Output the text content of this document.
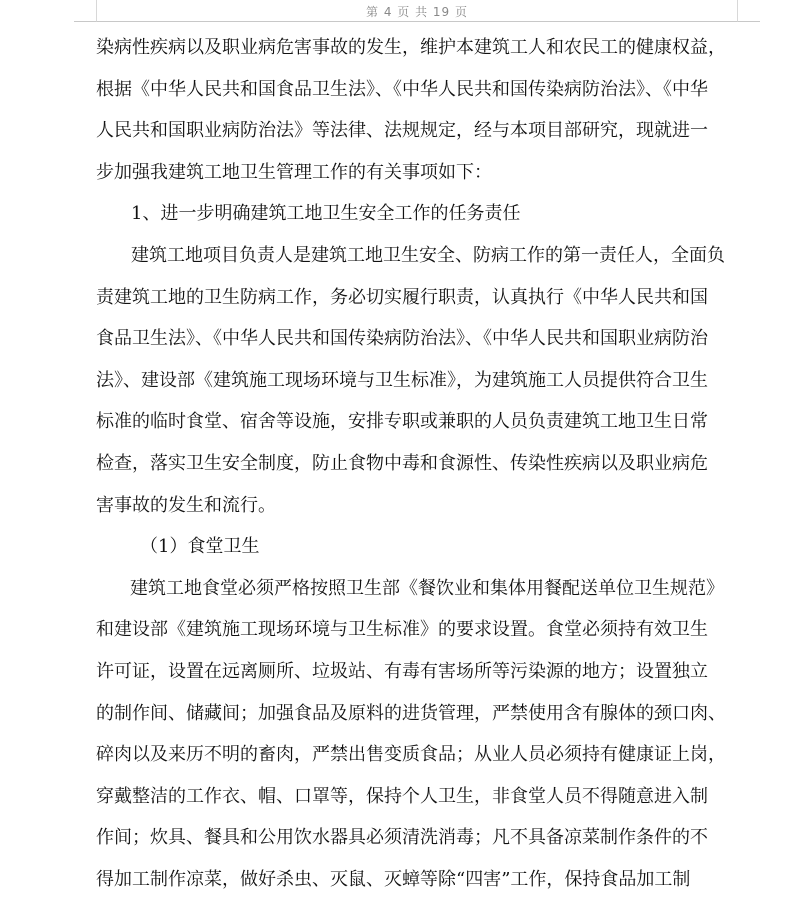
第 4 页 共 19 页
染病性疾病以及职业病危害事故的发生，维护本建筑工人和农民工的健康权益，
根据《中华人民共和国食品卫生法》、《中华人民共和国传染病防治法》、《中华
人民共和国职业病防治法》等法律、法规规定，经与本项目部研究，现就进一
步加强我建筑工地卫生管理工作的有关事项如下：
1、进一步明确建筑工地卫生安全工作的任务责任
建筑工地项目负责人是建筑工地卫生安全、防病工作的第一责任人，全面负
责建筑工地的卫生防病工作，务必切实履行职责，认真执行《中华人民共和国
食品卫生法》、《中华人民共和国传染病防治法》、《中华人民共和国职业病防治
法》、建设部《建筑施工现场环境与卫生标准》，为建筑施工人员提供符合卫生
标准的临时食堂、宿舍等设施，安排专职或兼职的人员负责建筑工地卫生日常
检查，落实卫生安全制度，防止食物中毒和食源性、传染性疾病以及职业病危
害事故的发生和流行。
（1）食堂卫生
建筑工地食堂必须严格按照卫生部《餐饮业和集体用餐配送单位卫生规范》
和建设部《建筑施工现场环境与卫生标准》的要求设置。食堂必须持有效卫生
许可证，设置在远离厕所、垃圾站、有毒有害场所等污染源的地方；设置独立
的制作间、储藏间；加强食品及原料的进货管理，严禁使用含有腺体的颈口肉、
碎肉以及来历不明的畜肉，严禁出售变质食品；从业人员必须持有健康证上岗，
穿戴整洁的工作衣、帽、口罩等，保持个人卫生，非食堂人员不得随意进入制
作间；炊具、餐具和公用饮水器具必须清洗消毒；凡不具备凉菜制作条件的不
得加工制作凉菜，做好杀虫、灭鼠、灭蟑等除“四害”工作，保持食品加工制
